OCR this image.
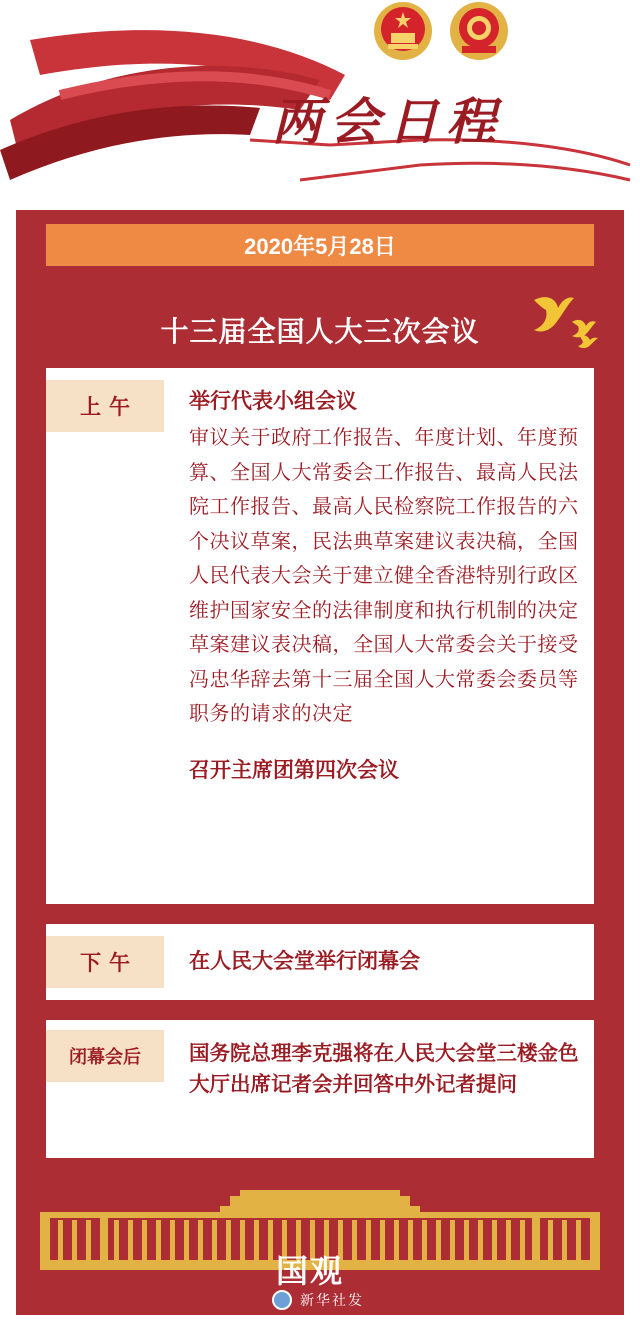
两会日程
2020年5月28日
十三届全国人大三次会议
上午	举行代表小组会议
审议关于政府工作报告、年度计划、年度预算、全国人大常委会工作报告、最高人民法院工作报告、最高人民检察院工作报告的六个决议草案，民法典草案建议表决稿，全国人民代表大会关于建立健全香港特别行政区维护国家安全的法律制度和执行机制的决定草案建议表决稿，全国人大常委会关于接受冯忠华辞去第十三届全国人大常委会委员等职务的请求的决定
召开主席团第四次会议
下午	在人民大会堂举行闭幕会
闭幕会后	国务院总理李克强将在人民大会堂三楼金色大厅出席记者会并回答中外记者提问
国观
新华社发
